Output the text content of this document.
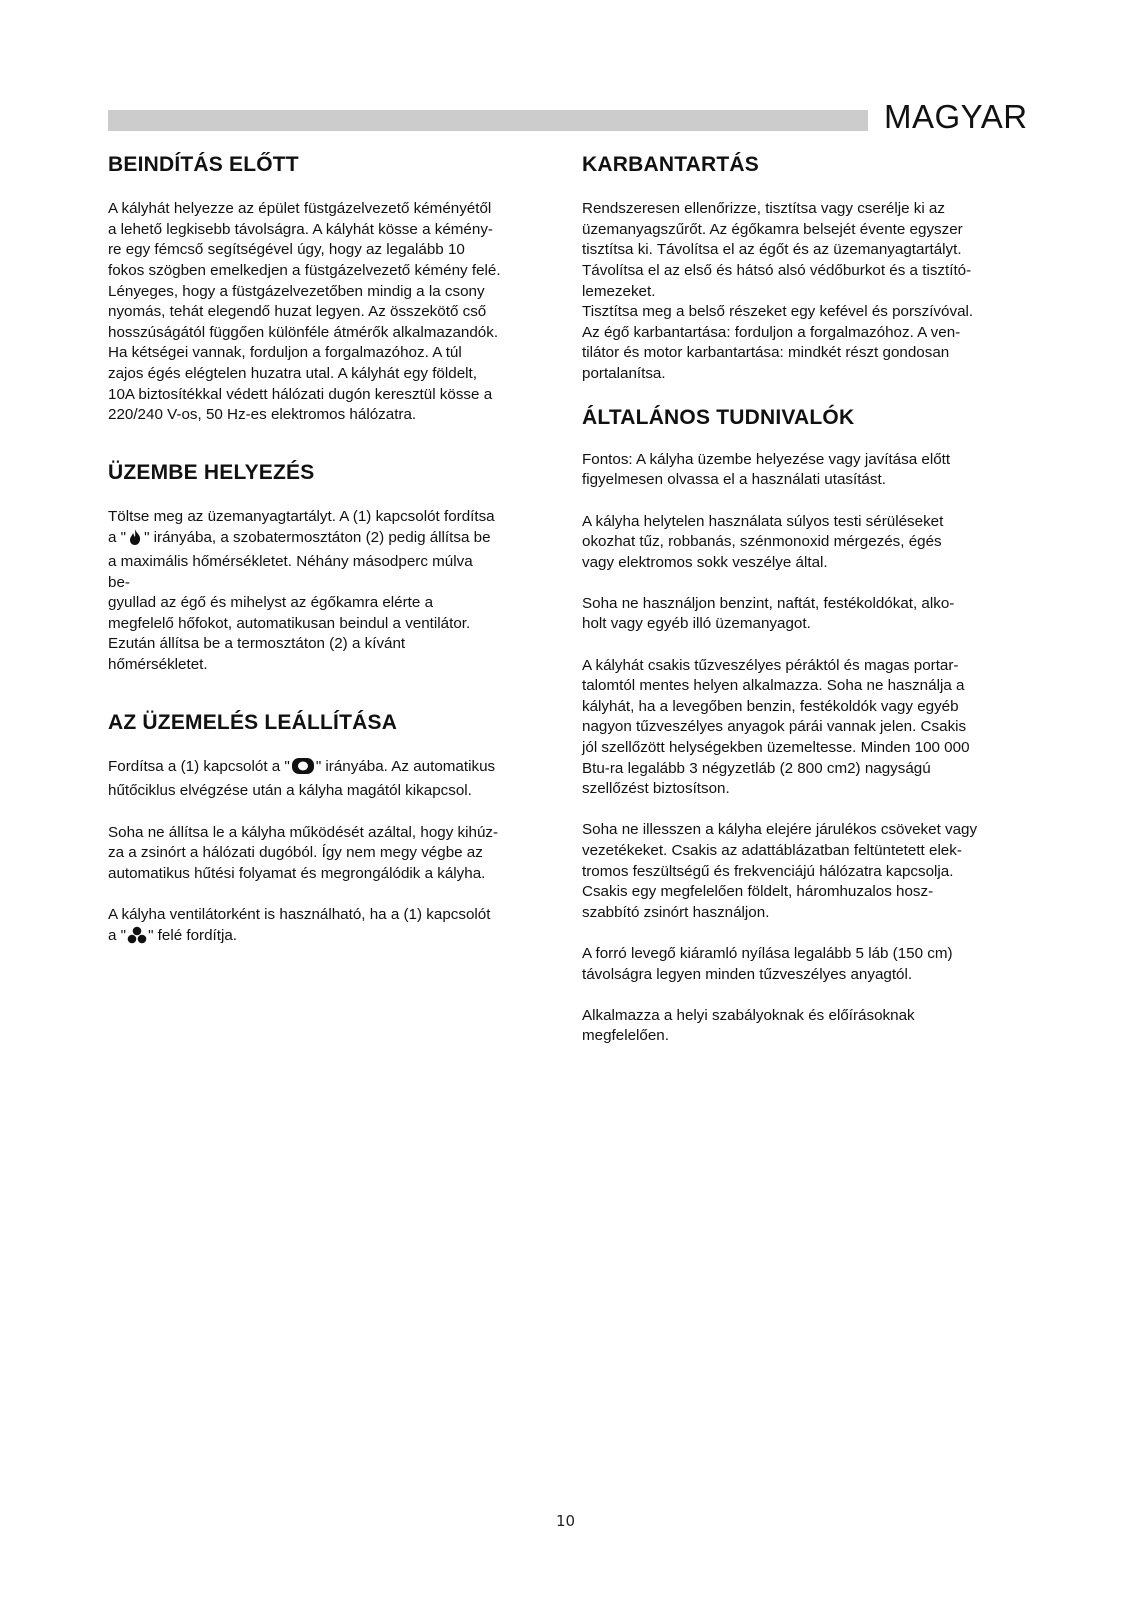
MAGYAR
BEINDÍTÁS ELŐTT
A kályhát helyezze az épület füstgázelvezető kéményétől
a lehető legkisebb távolságra. A kályhát kösse a kémény-
re egy fémcső segítségével úgy, hogy az legalább 10
fokos szögben emelkedjen a füstgázelvezető kémény felé.
Lényeges, hogy a füstgázelvezetőben mindig a la csony
nyomás, tehát elegendő huzat legyen. Az összekötő cső
hosszúságától függően különféle átmérők alkalmazandók.
Ha kétségei vannak, forduljon a forgalmazóhoz. A túl
zajos égés elégtelen huzatra utal. A kályhát egy földelt,
10A biztosítékkal védett hálózati dugón keresztül kösse a
220/240 V-os, 50 Hz-es elektromos hálózatra.
ÜZEMBE HELYEZÉS
Töltse meg az üzemanyagtartályt. A (1) kapcsolót fordítsa
a " " irányába, a szobatermosztáton (2) pedig állítsa be
a maximális hőmérsékletet. Néhány másodperc múlva
be-
gyullad az égő és mihelyst az égőkamra elérte a
megfelelő hőfokot, automatikusan beindul a ventilátor.
Ezután állítsa be a termosztáton (2) a kívánt
hőmérsékletet.
AZ ÜZEMELÉS LEÁLLÍTÁSA
Fordítsa a (1) kapcsolót a " " irányába. Az automatikus
hűtőciklus elvégzése után a kályha magától kikapcsol.
Soha ne állítsa le a kályha működését azáltal, hogy kihúz-
za a zsinórt a hálózati dugóból. Így nem megy végbe az
automatikus hűtési folyamat és megrongálódik a kályha.
A kályha ventilátorként is használható, ha a (1) kapcsolót
a " " felé fordítja.
KARBANTARTÁS
Rendszeresen ellenőrizze, tisztítsa vagy cserélje ki az
üzemanyagszűrőt. Az égőkamra belsejét évente egyszer
tisztítsa ki. Távolítsa el az égőt és az üzemanyagtartályt.
Távolítsa el az első és hátsó alsó védőburkot és a tisztító-
lemezeket.
Tisztítsa meg a belső részeket egy kefével és porszívóval.
Az égő karbantartása: forduljon a forgalmazóhoz. A ven-
tilátor és motor karbantartása: mindkét részt gondosan
portalanítsa.
ÁLTALÁNOS TUDNIVALÓK
Fontos: A kályha üzembe helyezése vagy javítása előtt
figyelmesen olvassa el a használati utasítást.
A kályha helytelen használata súlyos testi sérüléseket
okozhat tűz, robbanás, szénmonoxid mérgezés, égés
vagy elektromos sokk veszélye által.
Soha ne használjon benzint, naftát, festékoldókat, alko-
holt vagy egyéb illó üzemanyagot.
A kályhát csakis tűzveszélyes péráktól és magas portar-
talomtól mentes helyen alkalmazza. Soha ne használja a
kályhát, ha a levegőben benzin, festékoldók vagy egyéb
nagyon tűzveszélyes anyagok párái vannak jelen. Csakis
jól szellőzött helységekben üzemeltesse. Minden 100 000
Btu-ra legalább 3 négyzetláb (2 800 cm2) nagyságú
szellőzést biztosítson.
Soha ne illesszen a kályha elejére járulékos csöveket vagy
vezetékeket. Csakis az adattáblázatban feltüntetett elek-
tromos feszültségű és frekvenciájú hálózatra kapcsolja.
Csakis egy megfelelően földelt, háromhuzalos hosz-
szabbító zsinórt használjon.
A forró levegő kiáramló nyílása legalább 5 láb (150 cm)
távolságra legyen minden tűzveszélyes anyagtól.
Alkalmazza a helyi szabályoknak és előírásoknak
megfelelően.
10
